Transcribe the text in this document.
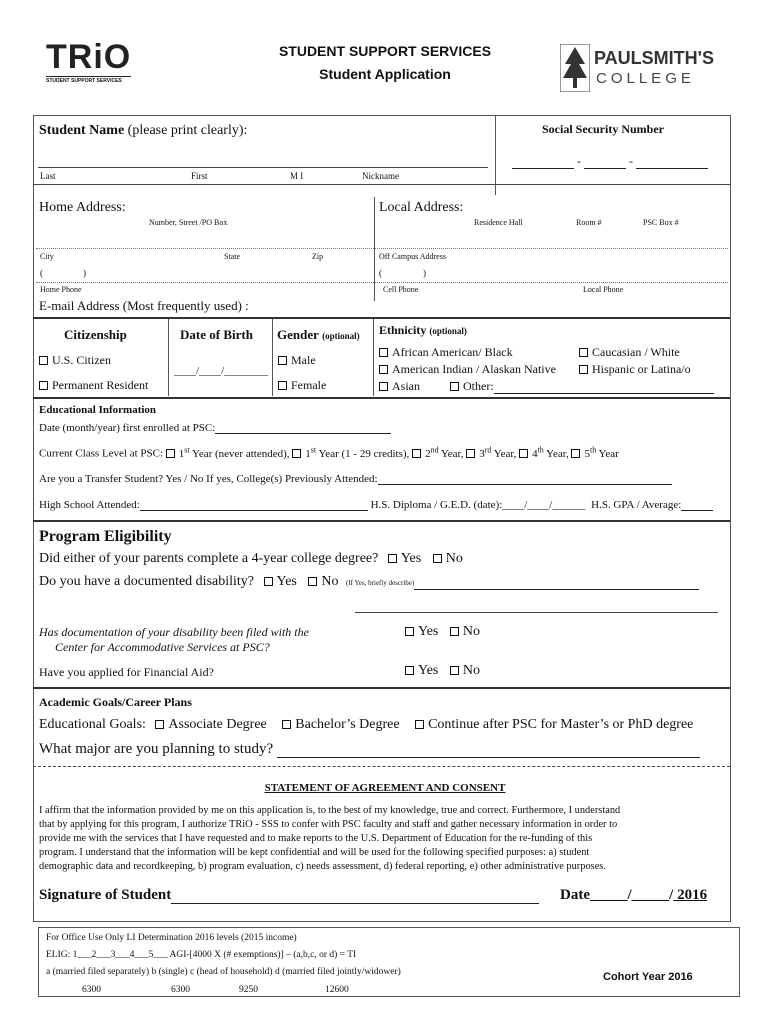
TRiO
STUDENT SUPPORT SERVICES
STUDENT SUPPORT SERVICES
Student Application
PAULSMITH'S
COLLEGE
Student Name (please print clearly):	Social Security Number
-	-
Last	First	M I	Nickname
Home Address:
Number, Street /PO Box
Local Address:
Residence Hall	Room #	PSC Box #
City	State	Zip	Off Campus Address
(	)	(	)
Home Phone	Cell Phone	Local Phone
E-mail Address (Most frequently used) :
Citizenship
U.S. Citizen
Permanent Resident
Date of Birth
____/____/________
Gender (optional)
Male
Female
Ethnicity (optional)
African American/ Black	Caucasian / White
American Indian / Alaskan Native	Hispanic or Latina/o
Asian	Other:
Educational Information
Date (month/year) first enrolled at PSC:
Current Class Level at PSC: 1st Year (never attended), 1st Year (1 - 29 credits), 2nd Year, 3rd Year, 4th Year, 5th Year
Are you a Transfer Student? Yes / No If yes, College(s) Previously Attended:
High School Attended:	H.S. Diploma / G.E.D. (date):____/____/______ H.S. GPA / Average:
Program Eligibility
Did either of your parents complete a 4-year college degree? Yes No
Do you have a documented disability? Yes No (If Yes, briefly describe)
Has documentation of your disability been filed with the
Center for Accommodative Services at PSC?
Yes No
Have you applied for Financial Aid?	Yes No
Academic Goals/Career Plans
Educational Goals: Associate Degree Bachelor’s Degree Continue after PSC for Master’s or PhD degree
What major are you planning to study?
STATEMENT OF AGREEMENT AND CONSENT
I affirm that the information provided by me on this application is, to the best of my knowledge, true and correct. Furthermore, I understand
that by applying for this program, I authorize TRiO - SSS to confer with PSC faculty and staff and gather necessary information in order to
provide me with the services that I have requested and to make reports to the U.S. Department of Education for the re-funding of this
program. I understand that the information will be kept confidential and will be used for the following specified purposes: a) student
demographic data and recordkeeping, b) program evaluation, c) needs assessment, d) federal reporting, e) other administrative purposes.
Signature of Student	Date_____/_____/ 2016
For Office Use Only LI Determination 2016 levels (2015 income)
ELIG: 1___2___3___4___5___ AGI-[4000 X (# exemptions)] – (a,b,c, or d) = TI
a (married filed separately) b (single) c (head of household) d (married filed jointly/widower)
6300	6300	9250	12600
Cohort Year 2016
